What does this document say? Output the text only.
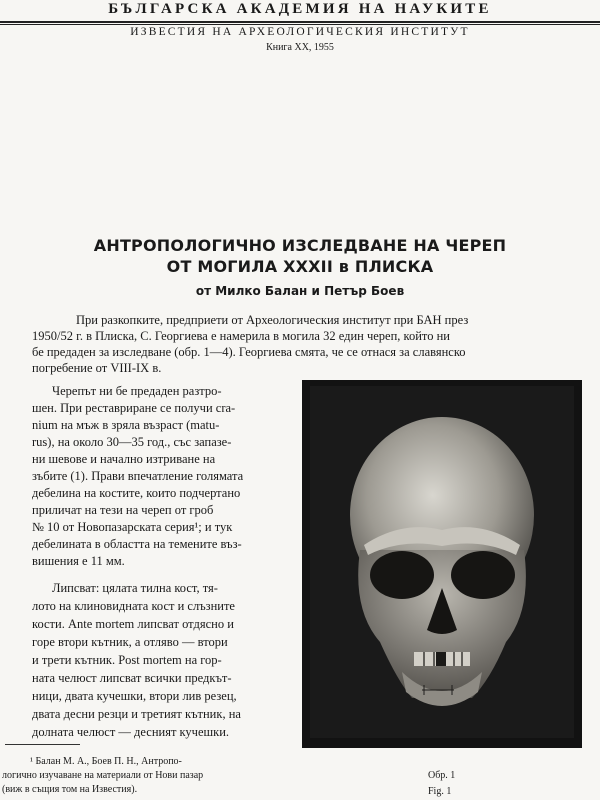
БЪЛГАРСКА АКАДЕМИЯ НА НАУКИТЕ
ИЗВЕСТИЯ НА АРХЕОЛОГИЧЕСКИЯ ИНСТИТУТ
Книга ХХ, 1955
АНТРОПОЛОГИЧНО ИЗСЛЕДВАНЕ НА ЧЕРЕП
ОТ МОГИЛА XXXII в ПЛИСКА
от Милко Балан и Петър Боев
При разкопките, предприети от Археологическия институт при БАН през
1950/52 г. в Плиска, С. Георгиева е намерила в могила 32 един череп, който ни
бе предаден за изследване (обр. 1—4). Георгиева смята, че се отнася за славянско
погребение от VIII-IX в.
Черепът ни бе предаден разтро-
шен. При реставриране се получи cra-
nium на мъж в зряла възраст (matu-
rus), на около 30—35 год., със запазе-
ни шевове и начално изтриване на
зъбите (1). Прави впечатление голямата
дебелина на костите, които подчертано
приличат на тези на череп от гроб
№ 10 от Новопазарската серия¹; и тук
дебелината в областта на темените въз-
вишения е 11 мм.
Липсват: цялата тилна кост, тя-
лото на клиновидната кост и слъзните
кости. Ante mortem липсват отдясно и
горе втори кътник, а отляво — втори
и трети кътник. Post mortem на гор-
ната челюст липсват всички предкът-
ници, двата кучешки, втори лив резец,
двата десни резци и третият кътник, на
долната челюст — десният кучешки.
¹ Балан М. А., Боев П. Н., Антропо-
логично изучаване на материали от Нови пазар
(виж в същия том на Известия).
Обр. 1
Fig. 1
